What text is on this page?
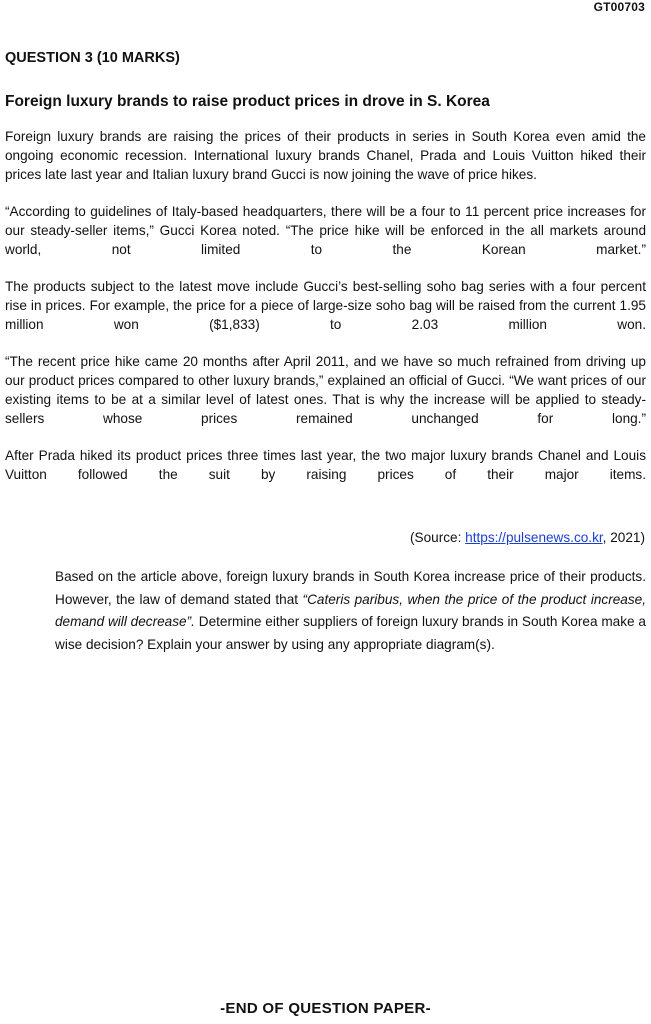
GT00703
QUESTION 3 (10 MARKS)
Foreign luxury brands to raise product prices in drove in S. Korea

Foreign luxury brands are raising the prices of their products in series in South Korea even amid the ongoing economic recession. International luxury brands Chanel, Prada and Louis Vuitton hiked their prices late last year and Italian luxury brand Gucci is now joining the wave of price hikes.

“According to guidelines of Italy-based headquarters, there will be a four to 11 percent price increases for our steady-seller items,” Gucci Korea noted. “The price hike will be enforced in the all markets around world, not limited to the Korean market.”

The products subject to the latest move include Gucci’s best-selling soho bag series with a four percent rise in prices. For example, the price for a piece of large-size soho bag will be raised from the current 1.95 million won ($1,833) to 2.03 million won.

“The recent price hike came 20 months after April 2011, and we have so much refrained from driving up our product prices compared to other luxury brands,” explained an official of Gucci. “We want prices of our existing items to be at a similar level of latest ones. That is why the increase will be applied to steady-sellers whose prices remained unchanged for long.”

After Prada hiked its product prices three times last year, the two major luxury brands Chanel and Louis Vuitton followed the suit by raising prices of their major items.

(Source: https://pulsenews.co.kr, 2021)
Based on the article above, foreign luxury brands in South Korea increase price of their products. However, the law of demand stated that “Cateris paribus, when the price of the product increase, demand will decrease”. Determine either suppliers of foreign luxury brands in South Korea make a wise decision? Explain your answer by using any appropriate diagram(s).
-END OF QUESTION PAPER-
